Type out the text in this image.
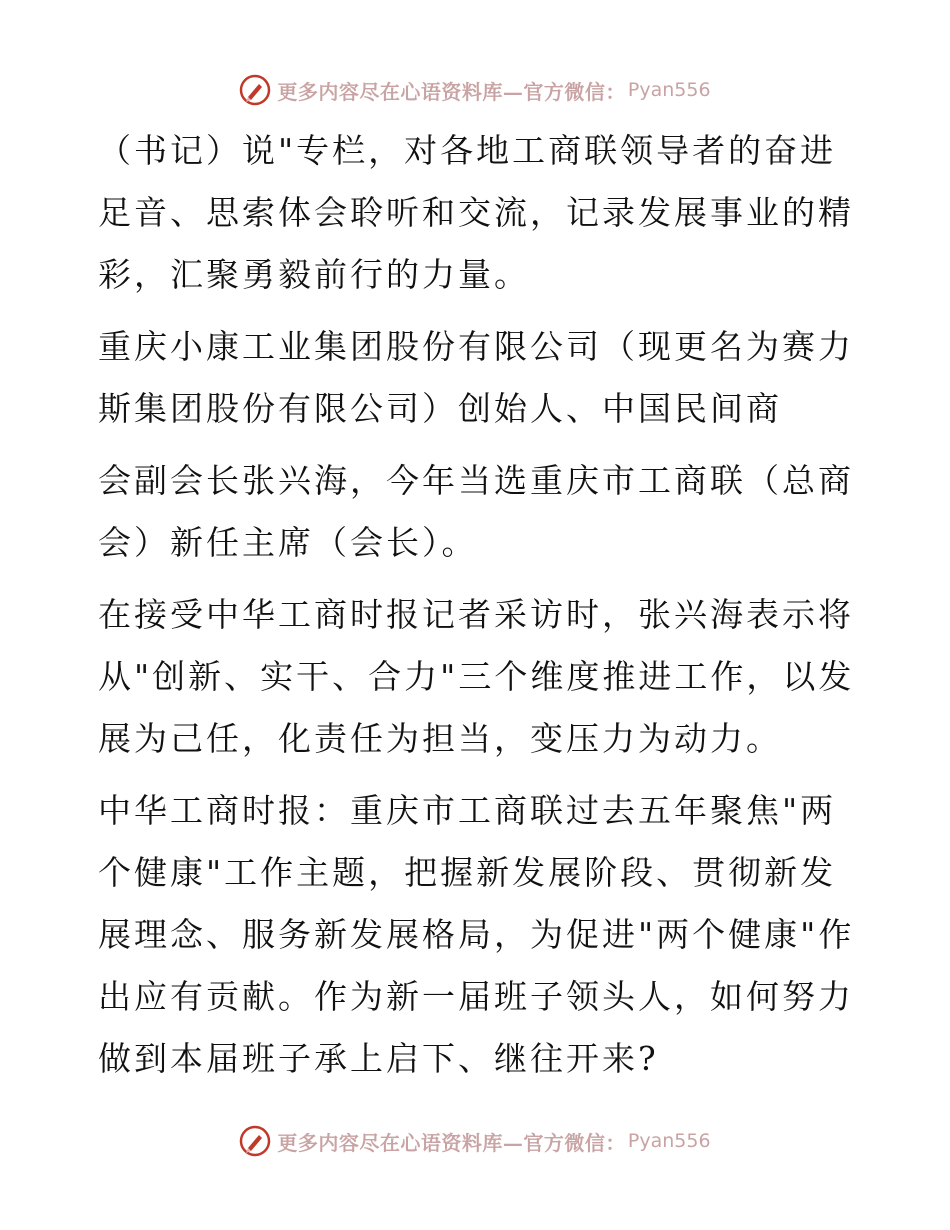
更多内容尽在心语资料库—官方微信： Pyan556

（书记）说"专栏，对各地工商联领导者的奋进足音、思索体会聆听和交流，记录发展事业的精彩，汇聚勇毅前行的力量。

重庆小康工业集团股份有限公司（现更名为赛力斯集团股份有限公司）创始人、中国民间商

会副会长张兴海，今年当选重庆市工商联（总商会）新任主席（会长）。

在接受中华工商时报记者采访时，张兴海表示将从"创新、实干、合力"三个维度推进工作，以发展为己任，化责任为担当，变压力为动力。

中华工商时报：重庆市工商联过去五年聚焦"两个健康"工作主题，把握新发展阶段、贯彻新发展理念、服务新发展格局，为促进"两个健康"作出应有贡献。作为新一届班子领头人，如何努力做到本届班子承上启下、继往开来?

更多内容尽在心语资料库—官方微信： Pyan556
